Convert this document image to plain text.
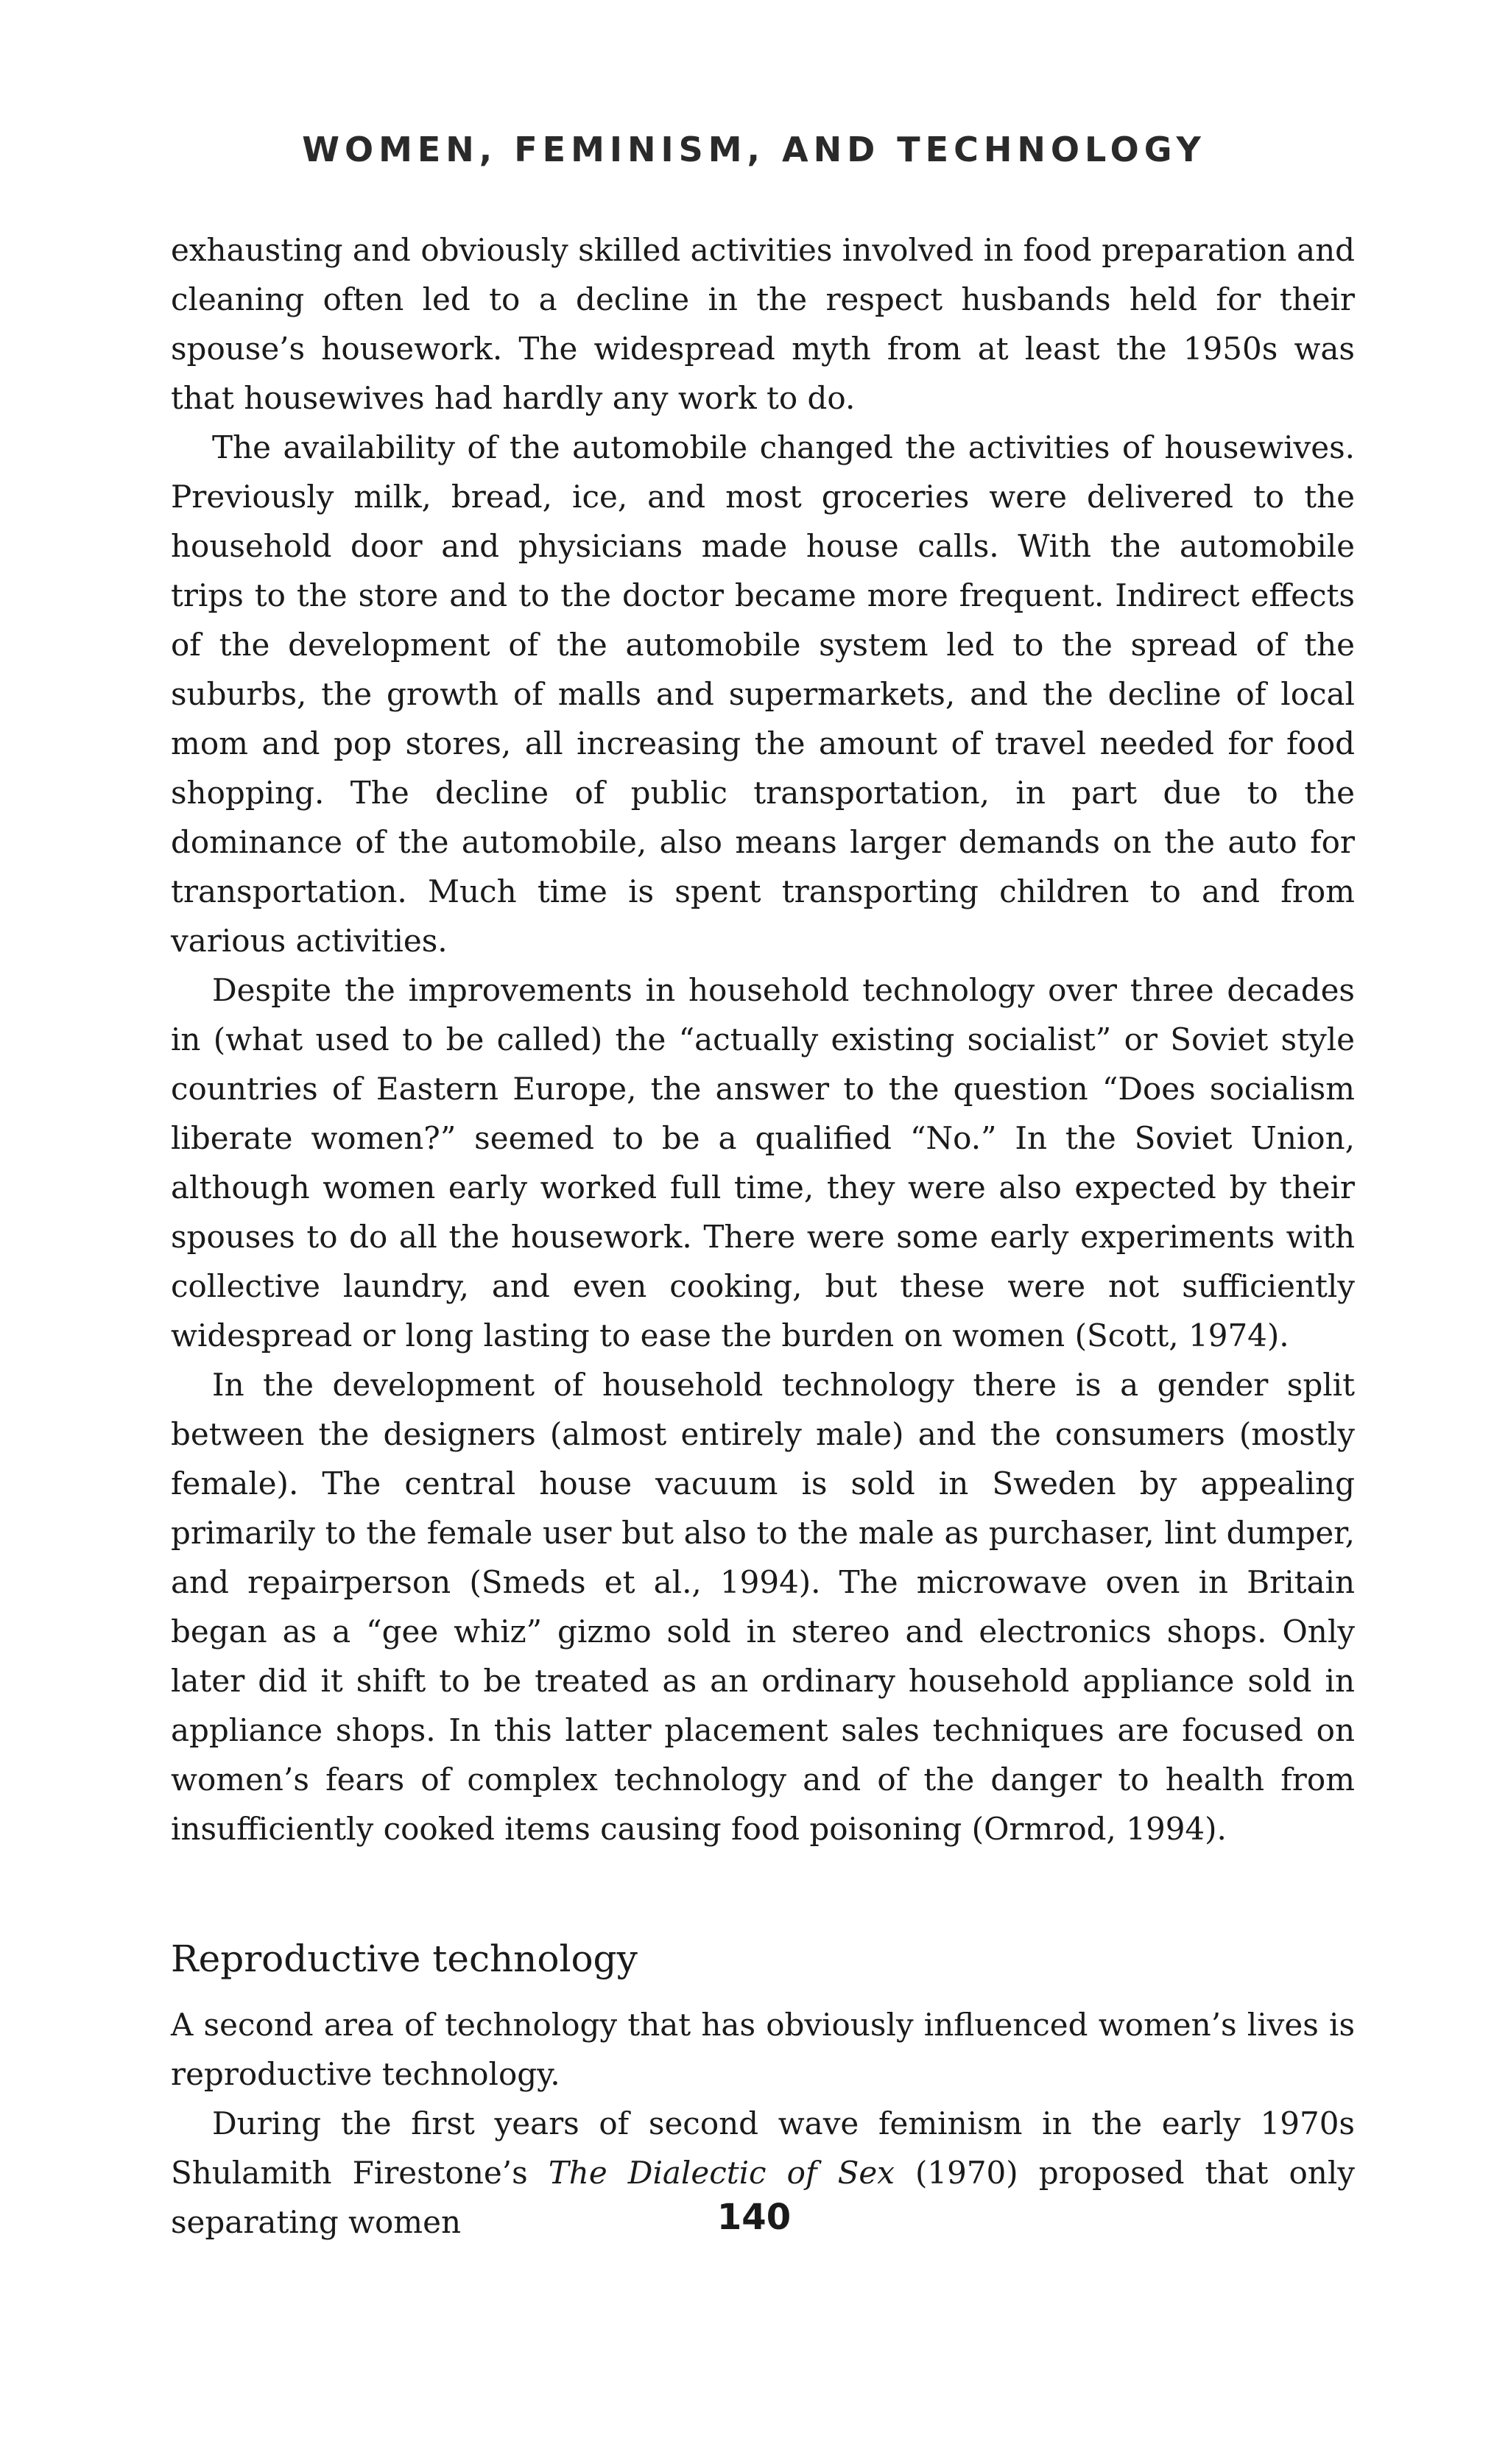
WOMEN, FEMINISM, AND TECHNOLOGY

exhausting and obviously skilled activities involved in food preparation and cleaning often led to a decline in the respect husbands held for their spouse’s housework. The widespread myth from at least the 1950s was that housewives had hardly any work to do.

The availability of the automobile changed the activities of housewives. Previously milk, bread, ice, and most groceries were delivered to the household door and physicians made house calls. With the automobile trips to the store and to the doctor became more frequent. Indirect effects of the development of the automobile system led to the spread of the suburbs, the growth of malls and supermarkets, and the decline of local mom and pop stores, all increasing the amount of travel needed for food shopping. The decline of public transportation, in part due to the dominance of the automobile, also means larger demands on the auto for transportation. Much time is spent transporting children to and from various activities.

Despite the improvements in household technology over three decades in (what used to be called) the “actually existing socialist” or Soviet style countries of Eastern Europe, the answer to the question “Does socialism liberate women?” seemed to be a qualified “No.” In the Soviet Union, although women early worked full time, they were also expected by their spouses to do all the housework. There were some early experiments with collective laundry, and even cooking, but these were not sufficiently widespread or long lasting to ease the burden on women (Scott, 1974).

In the development of household technology there is a gender split between the designers (almost entirely male) and the consumers (mostly female). The central house vacuum is sold in Sweden by appealing primarily to the female user but also to the male as purchaser, lint dumper, and repairperson (Smeds et al., 1994). The microwave oven in Britain began as a “gee whiz” gizmo sold in stereo and electronics shops. Only later did it shift to be treated as an ordinary household appliance sold in appliance shops. In this latter placement sales techniques are focused on women’s fears of complex technology and of the danger to health from insufficiently cooked items causing food poisoning (Ormrod, 1994).

Reproductive technology

A second area of technology that has obviously influenced women’s lives is reproductive technology.

During the first years of second wave feminism in the early 1970s Shulamith Firestone’s The Dialectic of Sex (1970) proposed that only separating women	140
